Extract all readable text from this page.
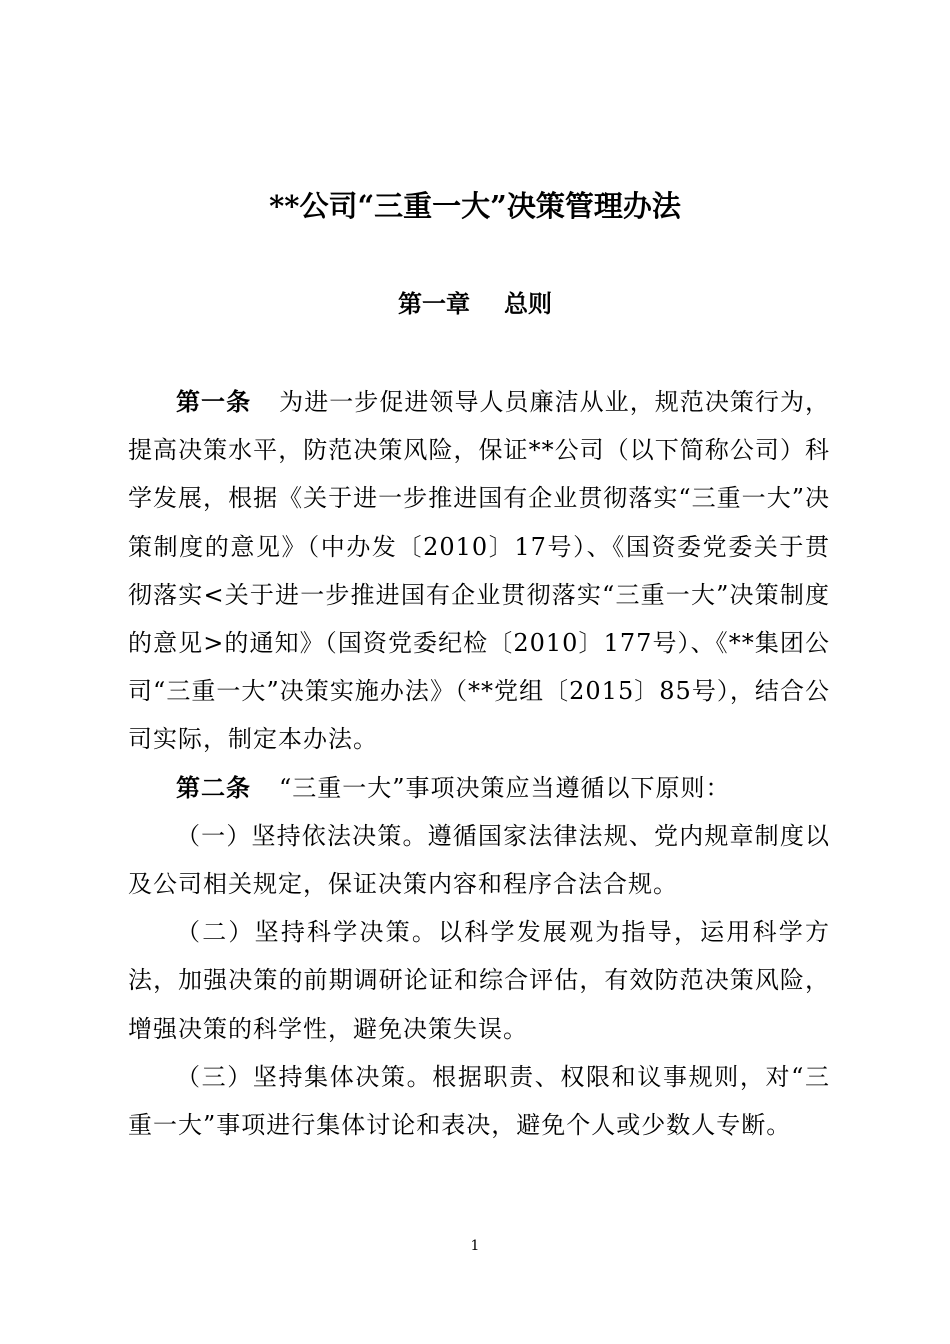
**公司“三重一大”决策管理办法
第一章 总则

第一条 为进一步促进领导人员廉洁从业，规范决策行为，提高决策水平，防范决策风险，保证**公司（以下简称公司）科学发展，根据《关于进一步推进国有企业贯彻落实“三重一大”决策制度的意见》（中办发〔2010〕17号）、《国资委党委关于贯彻落实<关于进一步推进国有企业贯彻落实“三重一大”决策制度的意见>的通知》（国资党委纪检〔2010〕177号）、《**集团公司“三重一大”决策实施办法》（**党组〔2015〕85号），结合公司实际，制定本办法。

第二条 “三重一大”事项决策应当遵循以下原则：

（一）坚持依法决策。遵循国家法律法规、党内规章制度以及公司相关规定，保证决策内容和程序合法合规。

（二）坚持科学决策。以科学发展观为指导，运用科学方法，加强决策的前期调研论证和综合评估，有效防范决策风险，增强决策的科学性，避免决策失误。

（三）坚持集体决策。根据职责、权限和议事规则，对“三重一大”事项进行集体讨论和表决，避免个人或少数人专断。

1
